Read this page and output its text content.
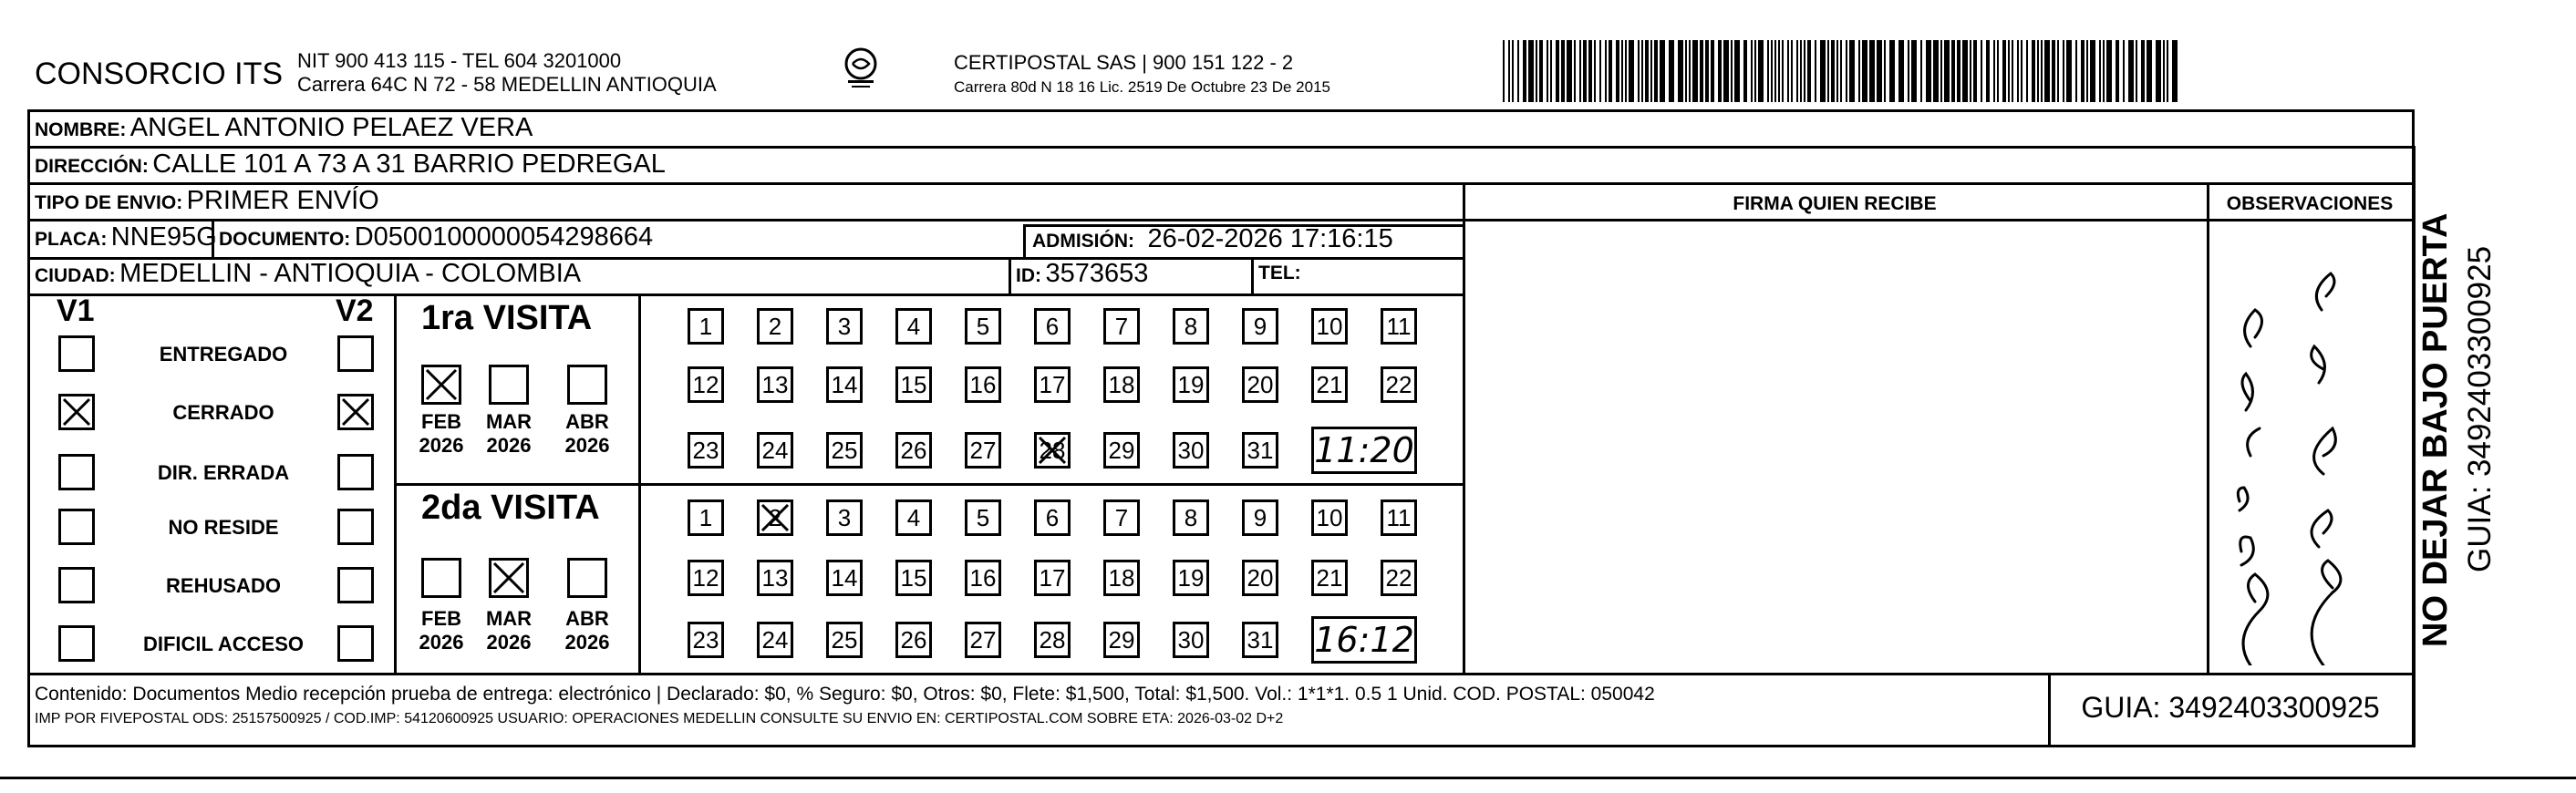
CONSORCIO ITS NIT 900 413 115 - TEL 604 3201000
Carrera 64C N 72 - 58 MEDELLIN ANTIOQUIA
CERTIPOSTAL SAS | 900 151 122 - 2
Carrera 80d N 18 16 Lic. 2519 De Octubre 23 De 2015
NOMBRE: ANGEL ANTONIO PELAEZ VERA
DIRECCIÓN: CALLE 101 A 73 A 31 BARRIO PEDREGAL
TIPO DE ENVIO: PRIMER ENVÍO	FIRMA QUIEN RECIBE	OBSERVACIONES
PLACA: NNE95G DOCUMENTO: D0500100000054298664	ADMISIÓN: 26-02-2026 17:16:15
CIUDAD: MEDELLIN - ANTIOQUIA - COLOMBIA	ID: 3573653	TEL:
V1	V2
ENTREGADO
CERRADO
DIR. ERRADA
NO RESIDE
REHUSADO
DIFICIL ACCESO
1ra VISITA
FEB
2026
MAR
2026
ABR
2026
1	2	3	4	5	6	7	8	9	10 11
12 13 14 15 16 17 18 19 20 21 22
23 24 25 26 27 28 29 30 31 11:20
2da VISITA
FEB
2026
MAR
2026
ABR
2026
1	2	3	4	5	6	7	8	9	10 11
12 13 14 15 16 17 18 19 20 21 22
23 24 25 26 27 28 29 30 31 16:12
Contenido: Documentos Medio recepción prueba de entrega: electrónico | Declarado: $0, % Seguro: $0, Otros: $0, Flete: $1,500, Total: $1,500. Vol.: 1*1*1. 0.5 1 Unid. COD. POSTAL: 050042
IMP POR FIVEPOSTAL ODS: 25157500925 / COD.IMP: 54120600925 USUARIO: OPERACIONES MEDELLIN CONSULTE SU ENVIO EN: CERTIPOSTAL.COM SOBRE ETA: 2026-03-02 D+2	GUIA: 3492403300925
NO DEJAR BAJO PUERTA GUIA: 3492403300925
